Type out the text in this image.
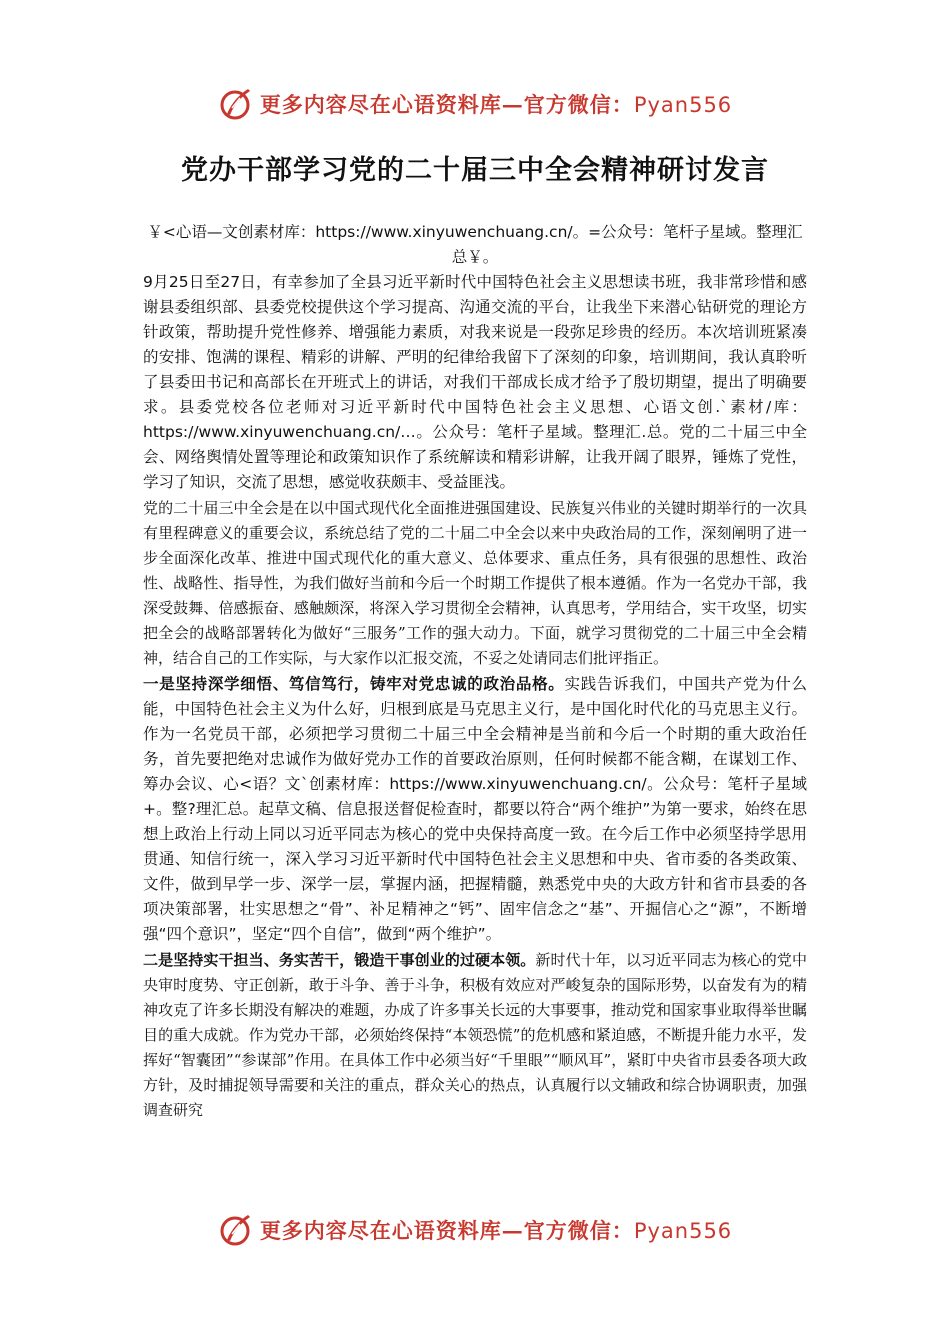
更多内容尽在心语资料库—官方微信：Pyan556
党办干部学习党的二十届三中全会精神研讨发言

￥<心语—文创素材库：https://www.xinyuwenchuang.cn/。=公众号：笔杆子星域。整理汇总￥。

9月25日至27日，有幸参加了全县习近平新时代中国特色社会主义思想读书班，我非常珍惜和感谢县委组织部、县委党校提供这个学习提高、沟通交流的平台，让我坐下来潜心钻研党的理论方针政策，帮助提升党性修养、增强能力素质，对我来说是一段弥足珍贵的经历。本次培训班紧凑的安排、饱满的课程、精彩的讲解、严明的纪律给我留下了深刻的印象，培训期间，我认真聆听了县委田书记和高部长在开班式上的讲话，对我们干部成长成才给予了殷切期望，提出了明确要求。县委党校各位老师对习近平新时代中国特色社会主义思想、心语文创.`素材/库：https://www.xinyuwenchuang.cn/…。公众号：笔杆子星域。整理汇.总。党的二十届三中全会、网络舆情处置等理论和政策知识作了系统解读和精彩讲解，让我开阔了眼界，锤炼了党性，学习了知识，交流了思想，感觉收获颇丰、受益匪浅。

党的二十届三中全会是在以中国式现代化全面推进强国建设、民族复兴伟业的关键时期举行的一次具有里程碑意义的重要会议，系统总结了党的二十届二中全会以来中央政治局的工作，深刻阐明了进一步全面深化改革、推进中国式现代化的重大意义、总体要求、重点任务，具有很强的思想性、政治性、战略性、指导性，为我们做好当前和今后一个时期工作提供了根本遵循。作为一名党办干部，我深受鼓舞、倍感振奋、感触颇深，将深入学习贯彻全会精神，认真思考，学用结合，实干攻坚，切实把全会的战略部署转化为做好“三服务”工作的强大动力。下面，就学习贯彻党的二十届三中全会精神，结合自己的工作实际，与大家作以汇报交流，不妥之处请同志们批评指正。

一是坚持深学细悟、笃信笃行，铸牢对党忠诚的政治品格。实践告诉我们，中国共产党为什么能，中国特色社会主义为什么好，归根到底是马克思主义行，是中国化时代化的马克思主义行。作为一名党员干部，必须把学习贯彻二十届三中全会精神是当前和今后一个时期的重大政治任务，首先要把绝对忠诚作为做好党办工作的首要政治原则，任何时候都不能含糊，在谋划工作、筹办会议、心<语？文`创素材库：https://www.xinyuwenchuang.cn/。公众号：笔杆子星域+。整?理汇总。起草文稿、信息报送督促检查时，都要以符合“两个维护”为第一要求，始终在思想上政治上行动上同以习近平同志为核心的党中央保持高度一致。在今后工作中必须坚持学思用贯通、知信行统一，深入学习习近平新时代中国特色社会主义思想和中央、省市委的各类政策、文件，做到早学一步、深学一层，掌握内涵，把握精髓，熟悉党中央的大政方针和省市县委的各项决策部署，壮实思想之“骨”、补足精神之“钙”、固牢信念之“基”、开掘信心之“源”，不断增强“四个意识”，坚定“四个自信”，做到“两个维护”。

二是坚持实干担当、务实苦干，锻造干事创业的过硬本领。新时代十年，以习近平同志为核心的党中央审时度势、守正创新，敢于斗争、善于斗争，积极有效应对严峻复杂的国际形势，以奋发有为的精神攻克了许多长期没有解决的难题，办成了许多事关长远的大事要事，推动党和国家事业取得举世瞩目的重大成就。作为党办干部，必须始终保持“本领恐慌”的危机感和紧迫感，不断提升能力水平，发挥好“智囊团”“参谋部”作用。在具体工作中必须当好“千里眼”“顺风耳”，紧盯中央省市县委各项大政方针，及时捕捉领导需要和关注的重点，群众关心的热点，认真履行以文辅政和综合协调职责，加强调查研究

更多内容尽在心语资料库—官方微信：Pyan556
